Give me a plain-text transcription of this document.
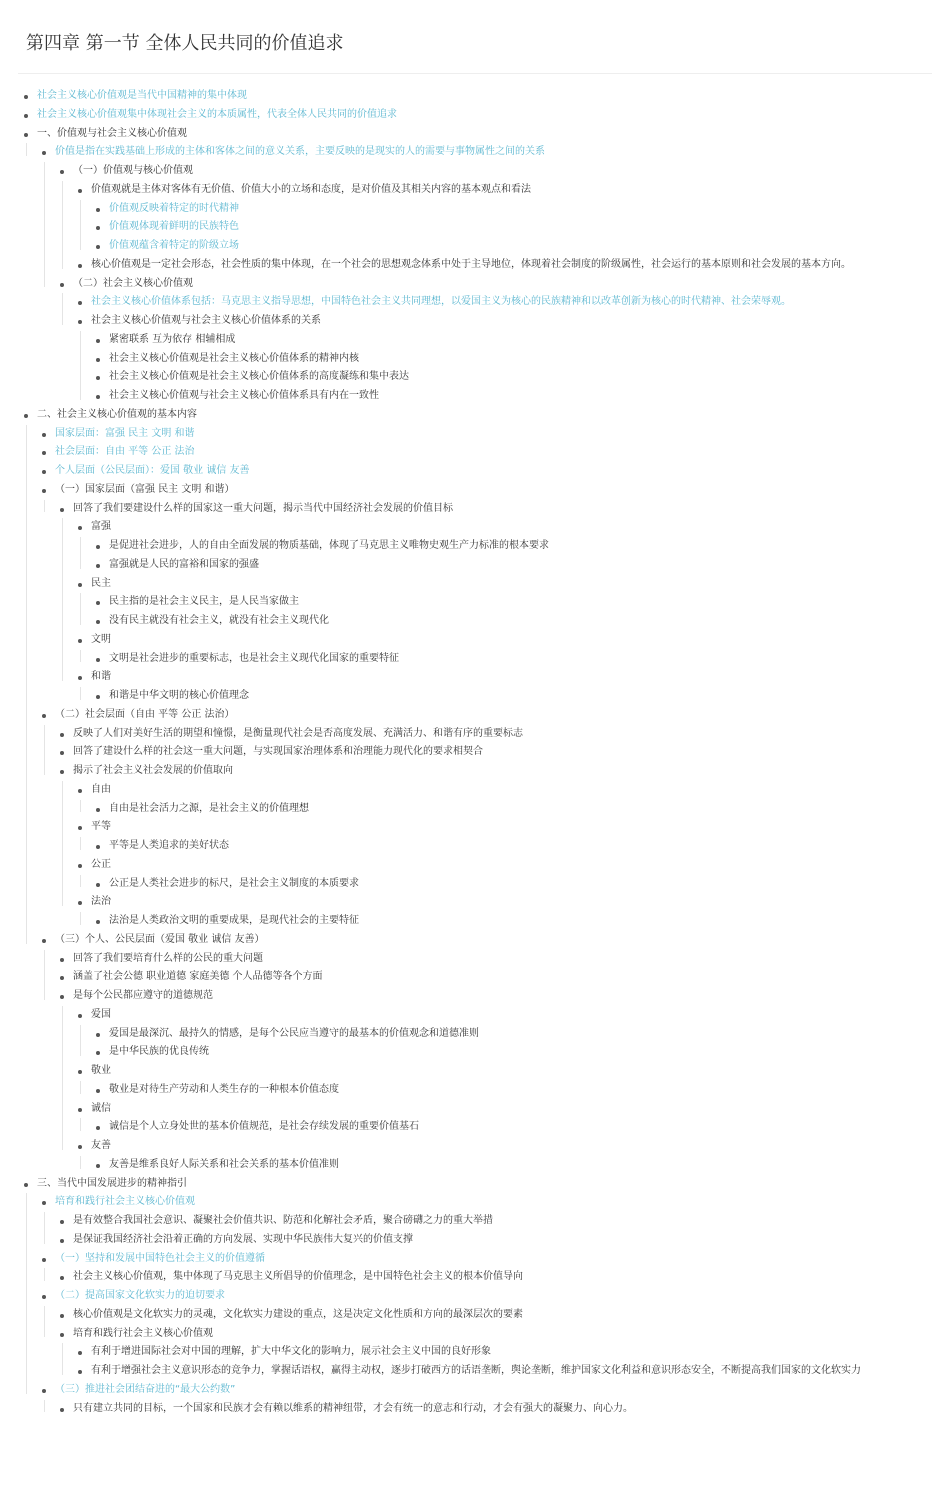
第四章 第一节 全体人民共同的价值追求
社会主义核心价值观是当代中国精神的集中体现
社会主义核心价值观集中体现社会主义的本质属性，代表全体人民共同的价值追求
一、价值观与社会主义核心价值观
价值是指在实践基础上形成的主体和客体之间的意义关系，主要反映的是现实的人的需要与事物属性之间的关系
（一）价值观与核心价值观
价值观就是主体对客体有无价值、价值大小的立场和态度，是对价值及其相关内容的基本观点和看法
价值观反映着特定的时代精神
价值观体现着鲜明的民族特色
价值观蕴含着特定的阶级立场
核心价值观是一定社会形态，社会性质的集中体现，在一个社会的思想观念体系中处于主导地位，体现着社会制度的阶级属性，社会运行的基本原则和社会发展的基本方向。
（二）社会主义核心价值观
社会主义核心价值体系包括：马克思主义指导思想，中国特色社会主义共同理想，以爱国主义为核心的民族精神和以改革创新为核心的时代精神、社会荣辱观。
社会主义核心价值观与社会主义核心价值体系的关系
紧密联系 互为依存 相辅相成
社会主义核心价值观是社会主义核心价值体系的精神内核
社会主义核心价值观是社会主义核心价值体系的高度凝练和集中表达
社会主义核心价值观与社会主义核心价值体系具有内在一致性
二、社会主义核心价值观的基本内容
国家层面：富强 民主 文明 和谐
社会层面：自由 平等 公正 法治
个人层面（公民层面）：爱国 敬业 诚信 友善
（一）国家层面（富强 民主 文明 和谐）
回答了我们要建设什么样的国家这一重大问题，揭示当代中国经济社会发展的价值目标
富强
是促进社会进步，人的自由全面发展的物质基础，体现了马克思主义唯物史观生产力标准的根本要求
富强就是人民的富裕和国家的强盛
民主
民主指的是社会主义民主，是人民当家做主
没有民主就没有社会主义，就没有社会主义现代化
文明
文明是社会进步的重要标志，也是社会主义现代化国家的重要特征
和谐
和谐是中华文明的核心价值理念
（二）社会层面（自由 平等 公正 法治）
反映了人们对美好生活的期望和憧憬，是衡量现代社会是否高度发展、充满活力、和谐有序的重要标志
回答了建设什么样的社会这一重大问题，与实现国家治理体系和治理能力现代化的要求相契合
揭示了社会主义社会发展的价值取向
自由
自由是社会活力之源，是社会主义的价值理想
平等
平等是人类追求的美好状态
公正
公正是人类社会进步的标尺，是社会主义制度的本质要求
法治
法治是人类政治文明的重要成果，是现代社会的主要特征
（三）个人、公民层面（爱国 敬业 诚信 友善）
回答了我们要培育什么样的公民的重大问题
涵盖了社会公德 职业道德 家庭美德 个人品德等各个方面
是每个公民都应遵守的道德规范
爱国
爱国是最深沉、最持久的情感，是每个公民应当遵守的最基本的价值观念和道德准则
是中华民族的优良传统
敬业
敬业是对待生产劳动和人类生存的一种根本价值态度
诚信
诚信是个人立身处世的基本价值规范，是社会存续发展的重要价值基石
友善
友善是维系良好人际关系和社会关系的基本价值准则
三、当代中国发展进步的精神指引
培育和践行社会主义核心价值观
是有效整合我国社会意识、凝聚社会价值共识、防范和化解社会矛盾，聚合磅礴之力的重大举措
是保证我国经济社会沿着正确的方向发展、实现中华民族伟大复兴的价值支撑
（一）坚持和发展中国特色社会主义的价值遵循
社会主义核心价值观，集中体现了马克思主义所倡导的价值理念，是中国特色社会主义的根本价值导向
（二）提高国家文化软实力的迫切要求
核心价值观是文化软实力的灵魂，文化软实力建设的重点，这是决定文化性质和方向的最深层次的要素
培育和践行社会主义核心价值观
有利于增进国际社会对中国的理解，扩大中华文化的影响力，展示社会主义中国的良好形象
有利于增强社会主义意识形态的竞争力，掌握话语权，赢得主动权，逐步打破西方的话语垄断，舆论垄断，维护国家文化利益和意识形态安全，不断提高我们国家的文化软实力
（三）推进社会团结奋进的“最大公约数”
只有建立共同的目标，一个国家和民族才会有赖以维系的精神纽带，才会有统一的意志和行动，才会有强大的凝聚力、向心力。
